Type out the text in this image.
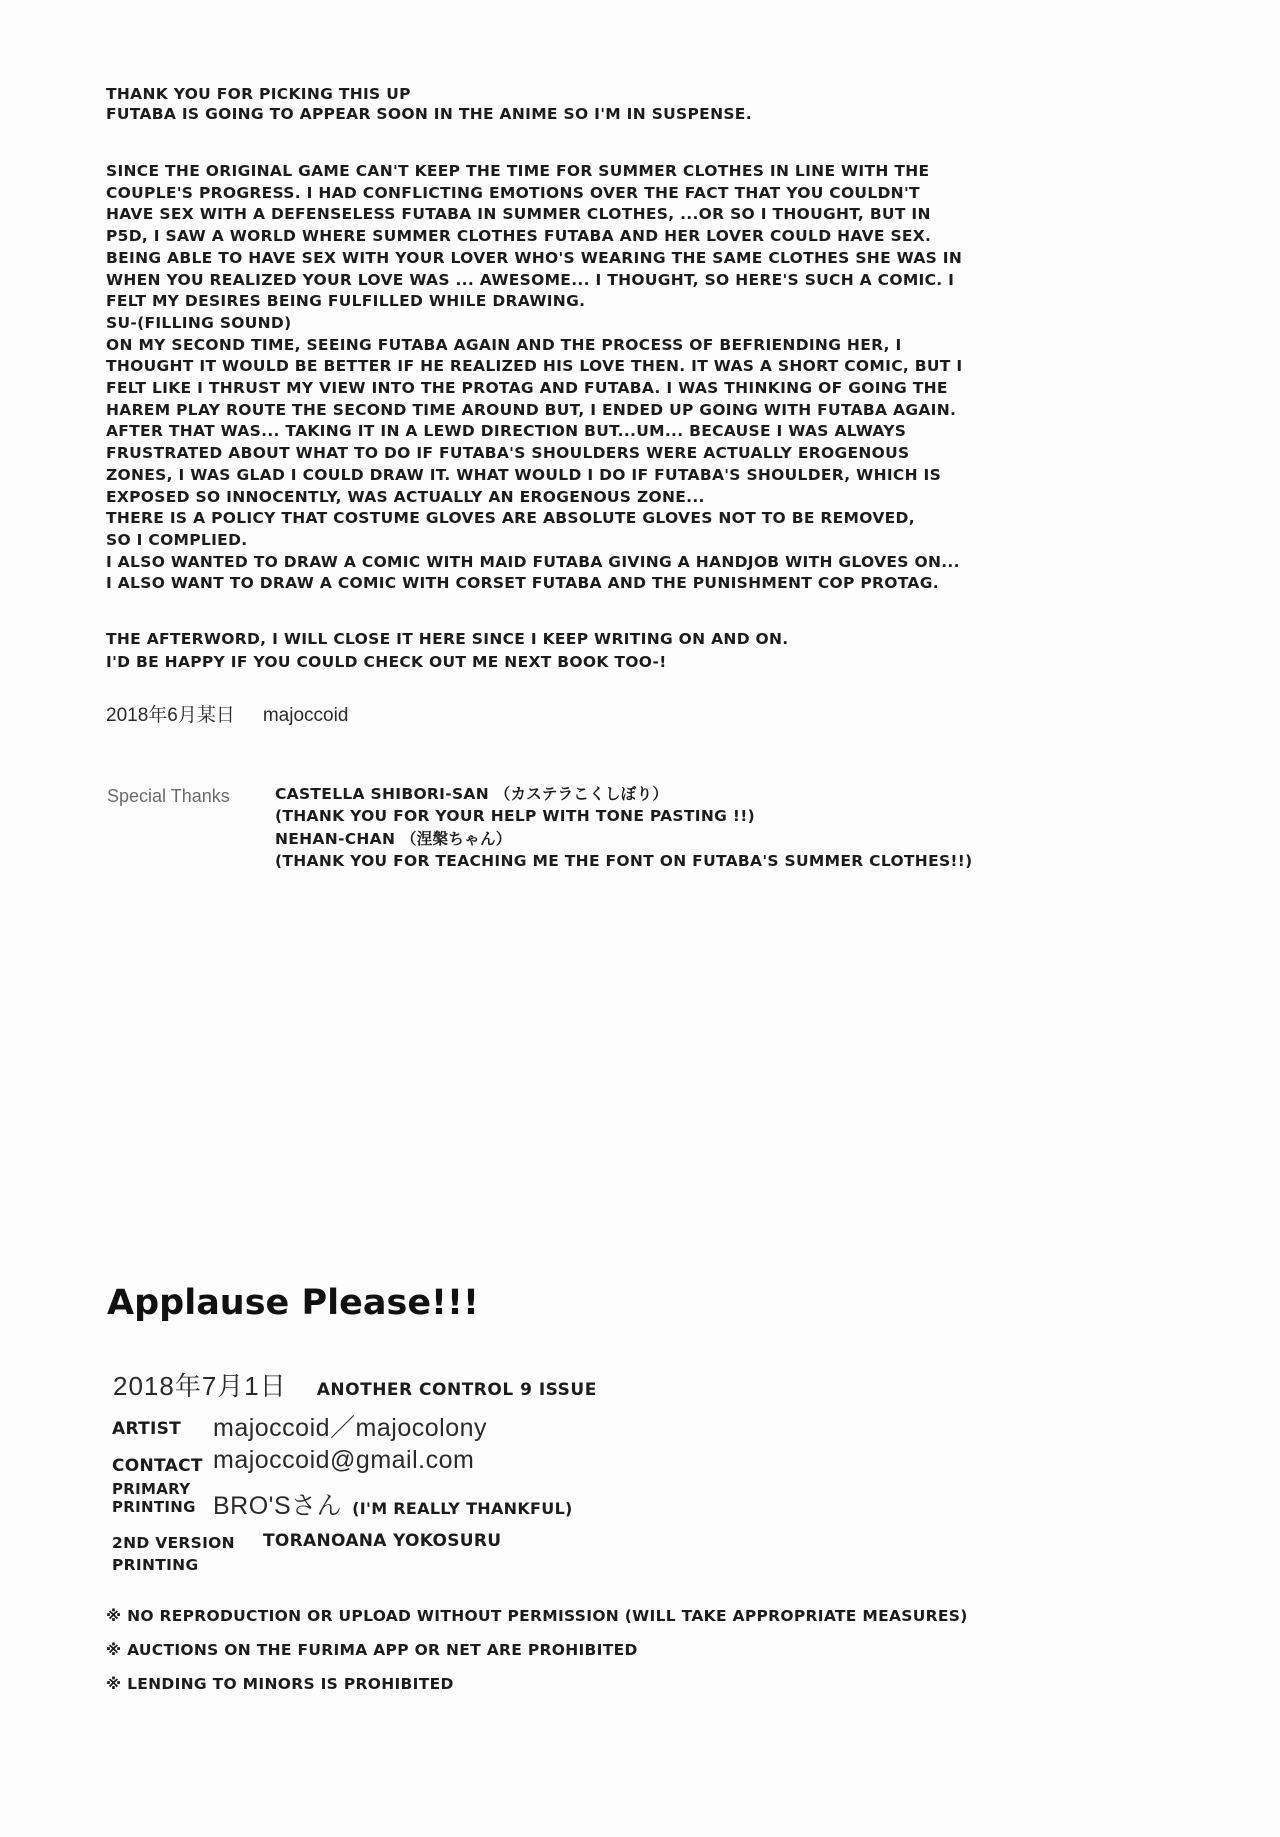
THANK YOU FOR PICKING THIS UP
FUTABA IS GOING TO APPEAR SOON IN THE ANIME SO I'M IN SUSPENSE.
SINCE THE ORIGINAL GAME CAN'T KEEP THE TIME FOR SUMMER CLOTHES IN LINE WITH THE
COUPLE'S PROGRESS. I HAD CONFLICTING EMOTIONS OVER THE FACT THAT YOU COULDN'T
HAVE SEX WITH A DEFENSELESS FUTABA IN SUMMER CLOTHES, ...OR SO I THOUGHT, BUT IN
P5D, I SAW A WORLD WHERE SUMMER CLOTHES FUTABA AND HER LOVER COULD HAVE SEX.
BEING ABLE TO HAVE SEX WITH YOUR LOVER WHO'S WEARING THE SAME CLOTHES SHE WAS IN
WHEN YOU REALIZED YOUR LOVE WAS ... AWESOME... I THOUGHT, SO HERE'S SUCH A COMIC. I
FELT MY DESIRES BEING FULFILLED WHILE DRAWING.
SU-(FILLING SOUND)
ON MY SECOND TIME, SEEING FUTABA AGAIN AND THE PROCESS OF BEFRIENDING HER, I
THOUGHT IT WOULD BE BETTER IF HE REALIZED HIS LOVE THEN. IT WAS A SHORT COMIC, BUT I
FELT LIKE I THRUST MY VIEW INTO THE PROTAG AND FUTABA. I WAS THINKING OF GOING THE
HAREM PLAY ROUTE THE SECOND TIME AROUND BUT, I ENDED UP GOING WITH FUTABA AGAIN.
AFTER THAT WAS... TAKING IT IN A LEWD DIRECTION BUT...UM... BECAUSE I WAS ALWAYS
FRUSTRATED ABOUT WHAT TO DO IF FUTABA'S SHOULDERS WERE ACTUALLY EROGENOUS
ZONES, I WAS GLAD I COULD DRAW IT. WHAT WOULD I DO IF FUTABA'S SHOULDER, WHICH IS
EXPOSED SO INNOCENTLY, WAS ACTUALLY AN EROGENOUS ZONE...
THERE IS A POLICY THAT COSTUME GLOVES ARE ABSOLUTE GLOVES NOT TO BE REMOVED,
SO I COMPLIED.
I ALSO WANTED TO DRAW A COMIC WITH MAID FUTABA GIVING A HANDJOB WITH GLOVES ON...
I ALSO WANT TO DRAW A COMIC WITH CORSET FUTABA AND THE PUNISHMENT COP PROTAG.
THE AFTERWORD, I WILL CLOSE IT HERE SINCE I KEEP WRITING ON AND ON.
I'D BE HAPPY IF YOU COULD CHECK OUT ME NEXT BOOK TOO-!
2018年6月某日 majoccoid
Special Thanks	CASTELLA SHIBORI-SAN （カステラこくしぼり）
(THANK YOU FOR YOUR HELP WITH TONE PASTING !!)
NEHAN-CHAN （涅槃ちゃん）
(THANK YOU FOR TEACHING ME THE FONT ON FUTABA'S SUMMER CLOTHES!!)
Applause Please!!!
2018年7月1日 ANOTHER CONTROL 9 ISSUE
ARTIST majoccoid／majocolony
CONTACT majoccoid@gmail.com
PRIMARY
PRINTING BRO'Sさん (I'M REALLY THANKFUL)
2ND VERSION
PRINTING
TORANOANA YOKOSURU
※ NO REPRODUCTION OR UPLOAD WITHOUT PERMISSION (WILL TAKE APPROPRIATE MEASURES)
※ AUCTIONS ON THE FURIMA APP OR NET ARE PROHIBITED
※ LENDING TO MINORS IS PROHIBITED
